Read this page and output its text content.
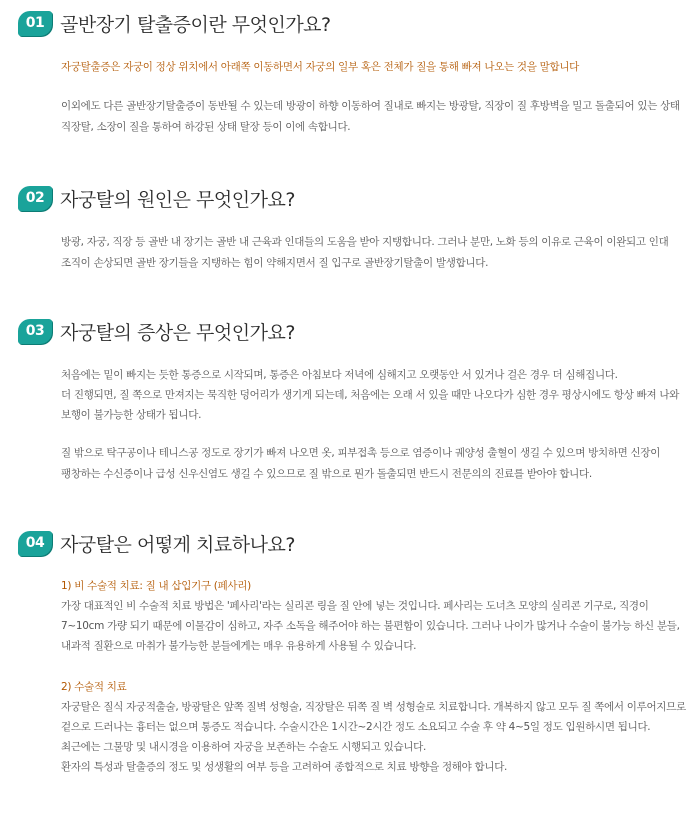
01 골반장기 탈출증이란 무엇인가요?
자궁탈출증은 자궁이 정상 위치에서 아래쪽 이동하면서 자궁의 일부 혹은 전체가 질을 통해 빠져 나오는 것을 말합니다
이외에도 다른 골반장기탈출증이 동반될 수 있는데 방광이 하향 이동하여 질내로 빠지는 방광탈, 직장이 질 후방벽을 밀고 돌출되어 있는 상태
직장탈, 소장이 질을 통하여 하강된 상태 탈장 등이 이에 속합니다.
02 자궁탈의 원인은 무엇인가요?
방광, 자궁, 직장 등 골반 내 장기는 골반 내 근육과 인대들의 도움을 받아 지탱합니다. 그러나 분만, 노화 등의 이유로 근육이 이완되고 인대
조직이 손상되면 골반 장기들을 지탱하는 힘이 약해지면서 질 입구로 골반장기탈출이 발생합니다.
03 자궁탈의 증상은 무엇인가요?
처음에는 밑이 빠지는 듯한 통증으로 시작되며, 통증은 아침보다 저녁에 심해지고 오랫동안 서 있거나 걸은 경우 더 심해집니다.
더 진행되면, 질 쪽으로 만져지는 묵직한 덩어리가 생기게 되는데, 처음에는 오래 서 있을 때만 나오다가 심한 경우 평상시에도 항상 빠져 나와
보행이 불가능한 상태가 됩니다.
질 밖으로 탁구공이나 테니스공 정도로 장기가 빠져 나오면 옷, 피부접촉 등으로 염증이나 궤양성 출혈이 생길 수 있으며 방치하면 신장이
팽창하는 수신증이나 급성 신우신염도 생길 수 있으므로 질 밖으로 뭔가 돌출되면 반드시 전문의의 진료를 받아야 합니다.
04 자궁탈은 어떻게 치료하나요?
1) 비 수술적 치료: 질 내 삽입기구 (페사리)
가장 대표적인 비 수술적 치료 방법은 '페사리'라는 실리콘 링을 질 안에 넣는 것입니다. 페사리는 도너츠 모양의 실리콘 기구로, 직경이
7~10cm 가량 되기 때문에 이물감이 심하고, 자주 소독을 해주어야 하는 불편함이 있습니다. 그러나 나이가 많거나 수술이 불가능 하신 분들,
내과적 질환으로 마취가 불가능한 분들에게는 매우 유용하게 사용될 수 있습니다.
2) 수술적 치료
자궁탈은 질식 자궁적출술, 방광탈은 앞쪽 질벽 성형술, 직장탈은 뒤쪽 질 벽 성형술로 치료합니다. 개복하지 않고 모두 질 쪽에서 이루어지므로
겉으로 드러나는 흉터는 없으며 통증도 적습니다. 수술시간은 1시간~2시간 정도 소요되고 수술 후 약 4~5일 정도 입원하시면 됩니다.
최근에는 그물망 및 내시경을 이용하여 자궁을 보존하는 수술도 시행되고 있습니다.
환자의 특성과 탈출증의 정도 및 성생활의 여부 등을 고려하여 종합적으로 치료 방향을 정해야 합니다.
